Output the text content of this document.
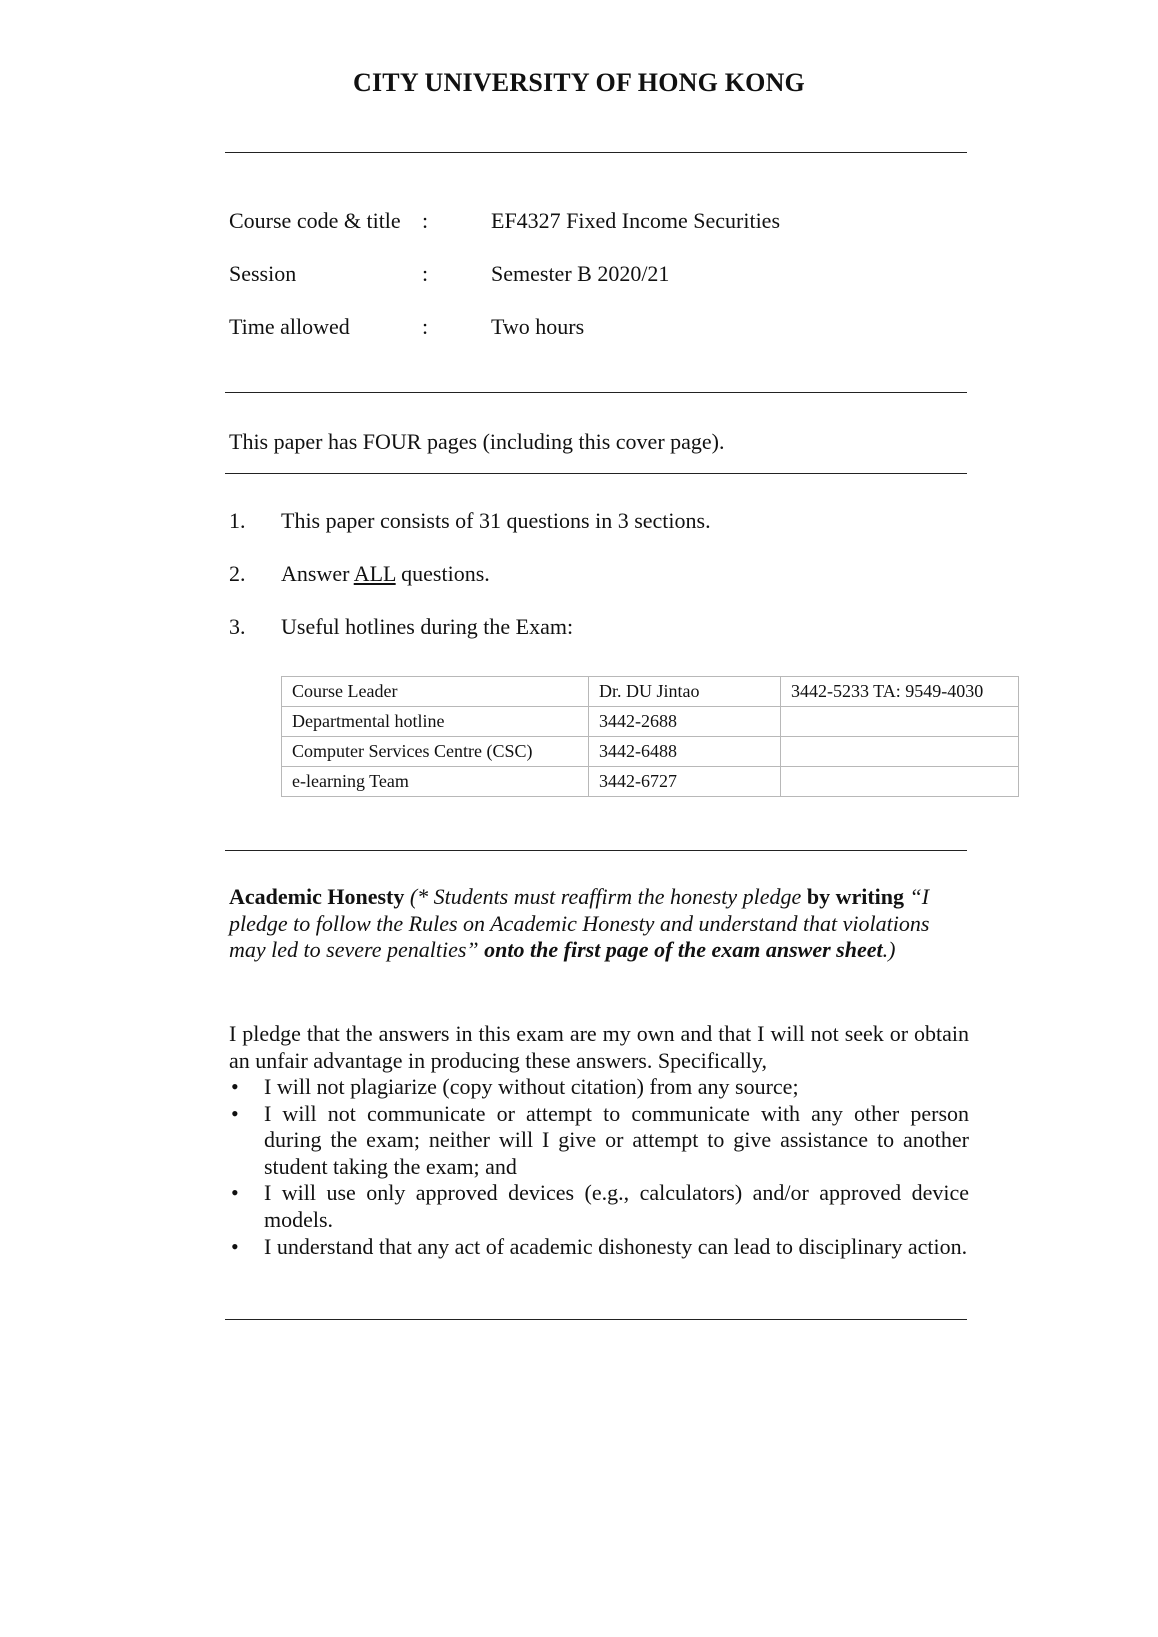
CITY UNIVERSITY OF HONG KONG
Course code & title :	EF4327 Fixed Income Securities
Session	:	Semester B 2020/21
Time allowed	:	Two hours
This paper has FOUR pages (including this cover page).
1. This paper consists of 31 questions in 3 sections.
2. Answer ALL questions.
3. Useful hotlines during the Exam:
Course Leader	Dr. DU Jintao	3442-5233 TA: 9549-4030
Departmental hotline	3442-2688	
Computer Services Centre (CSC)	3442-6488	
e-learning Team	3442-6727	
Academic Honesty (* Students must reaffirm the honesty pledge by writing “I pledge to follow the Rules on Academic Honesty and understand that violations may led to severe penalties” onto the first page of the exam answer sheet.)
I pledge that the answers in this exam are my own and that I will not seek or obtain an unfair advantage in producing these answers. Specifically,
• I will not plagiarize (copy without citation) from any source;
• I will not communicate or attempt to communicate with any other person during the exam; neither will I give or attempt to give assistance to another student taking the exam; and
• I will use only approved devices (e.g., calculators) and/or approved device models.
• I understand that any act of academic dishonesty can lead to disciplinary action.
